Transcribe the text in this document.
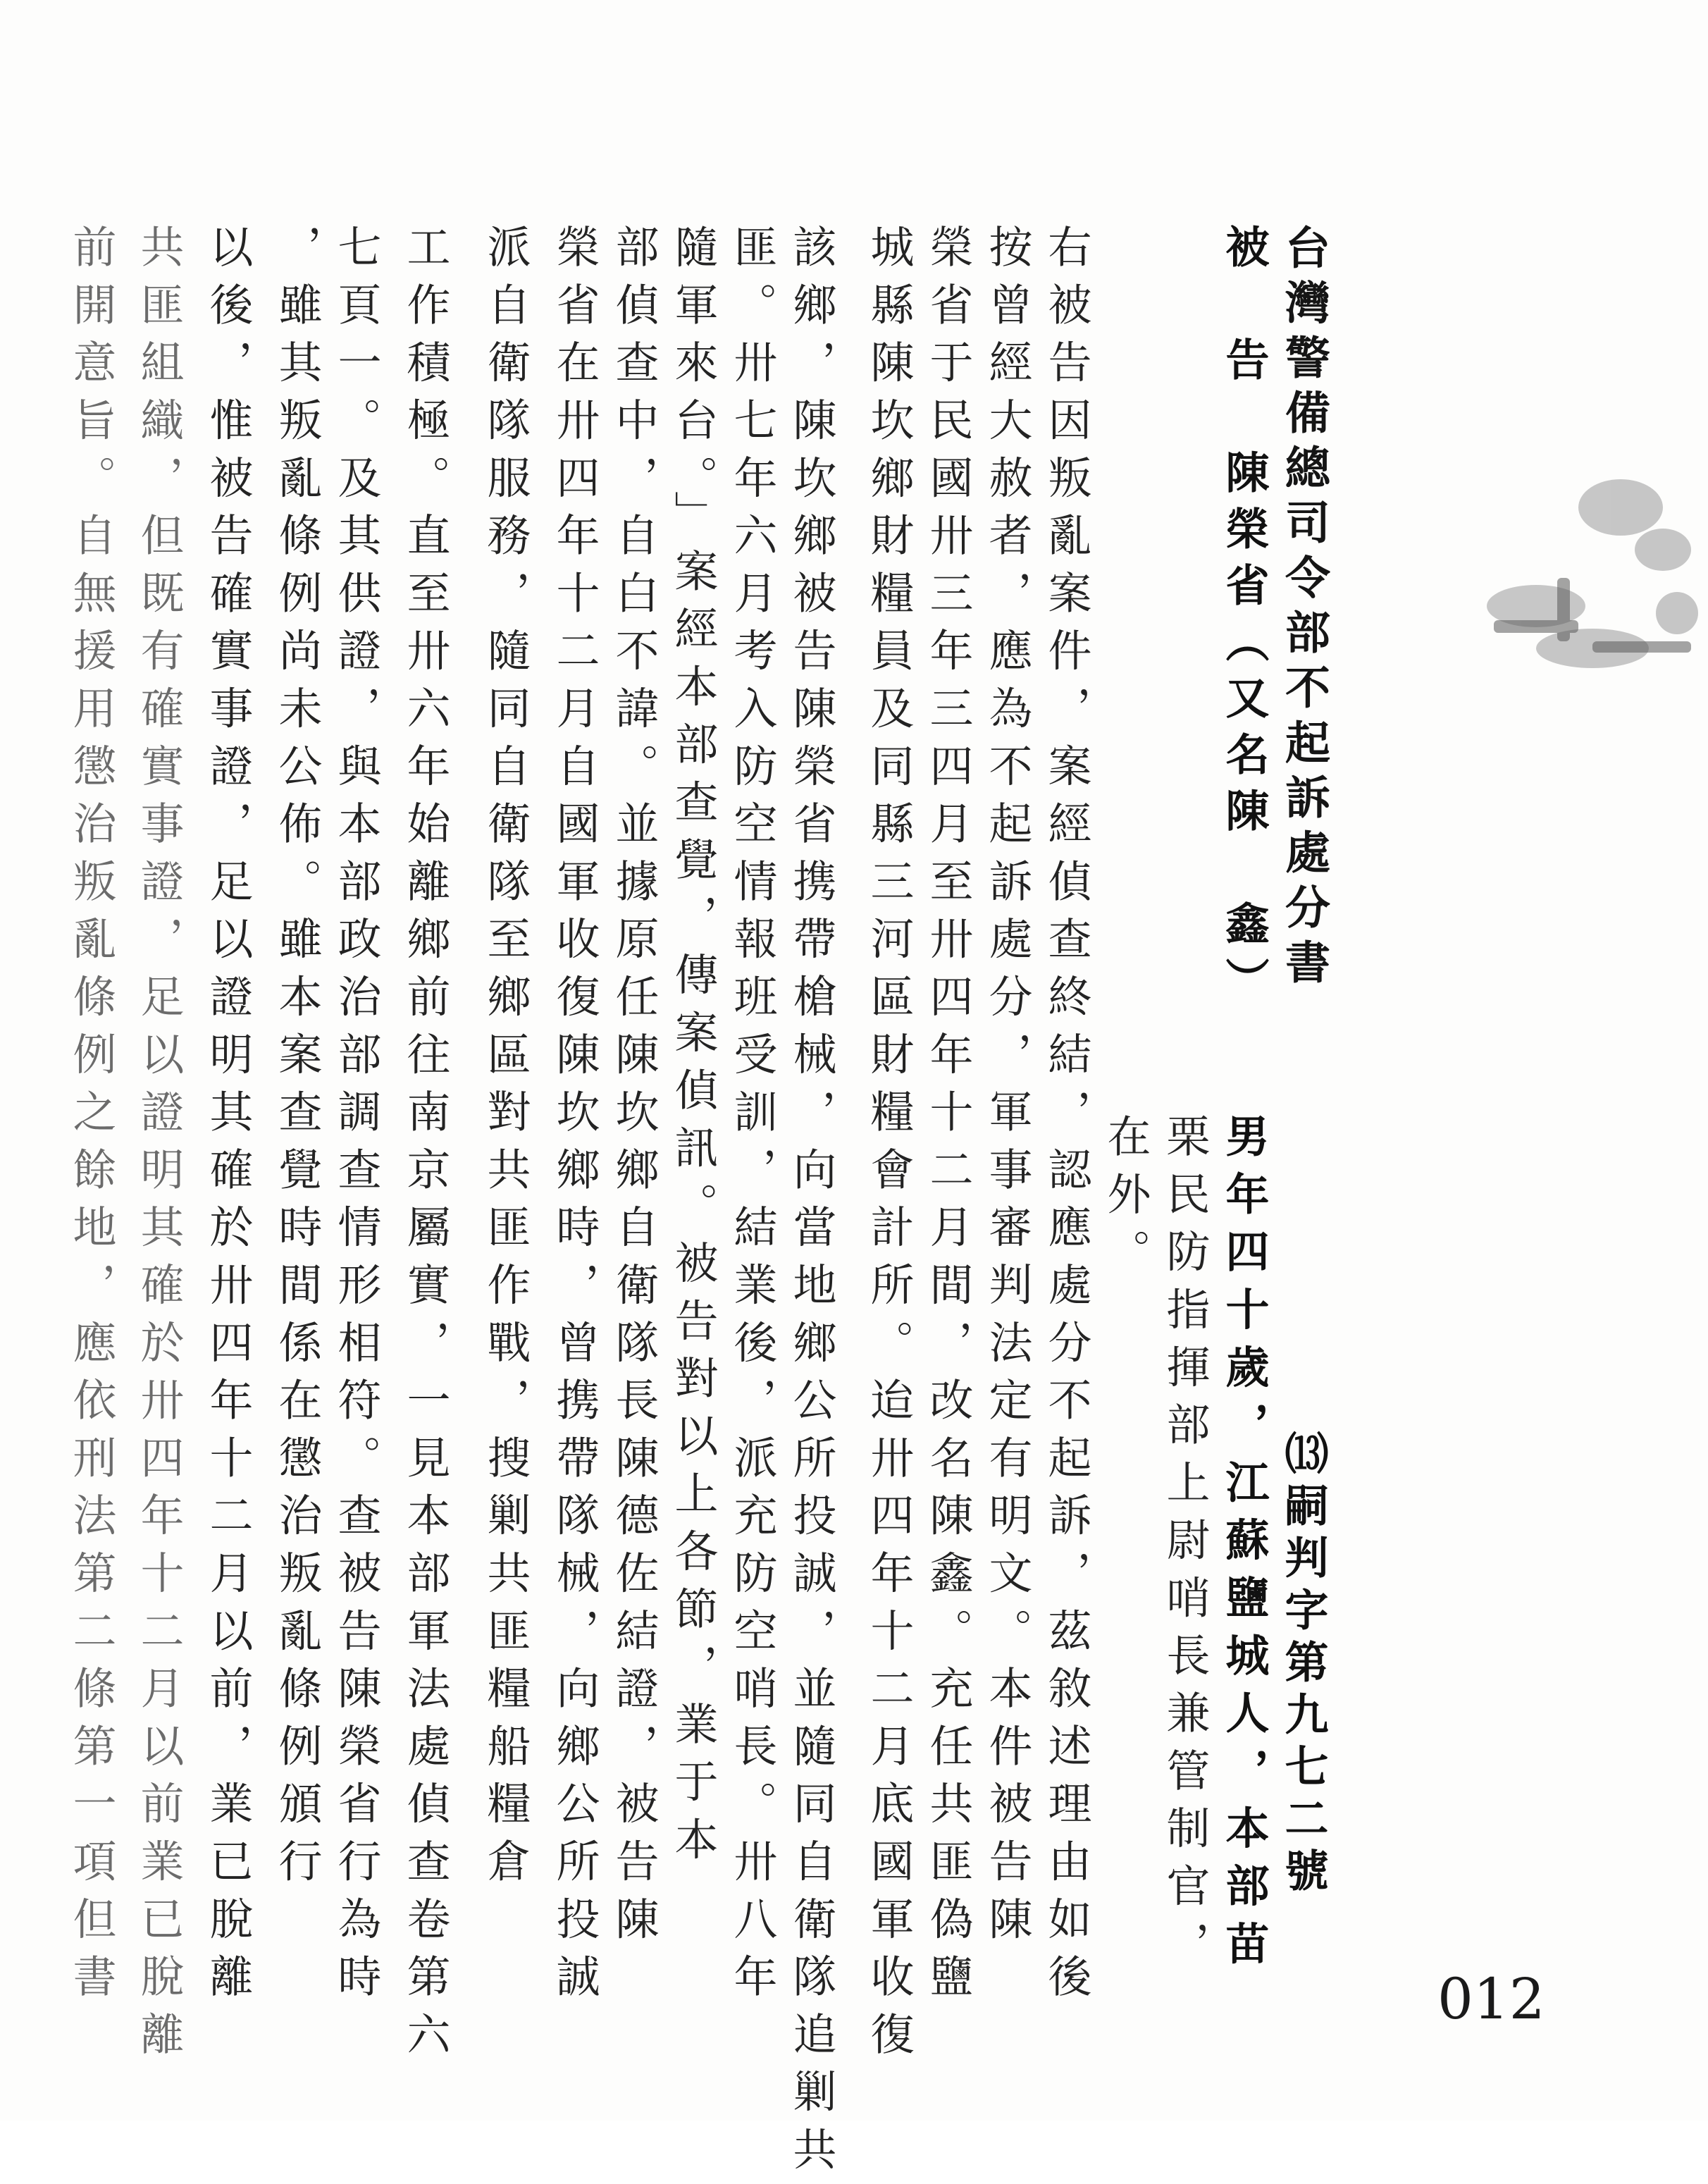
台灣警備總司令部不起訴處分書
被　告　陳榮省（又名陳　鑫）
⒀嗣判字第九七二號
男年四十歲，江蘇鹽城人，本部苗
栗民防指揮部上尉哨長兼管制官，
在外。
右被告因叛亂案件，案經偵查終結，認應處分不起訴，茲敘述理由如後
按曾經大赦者，應為不起訴處分，軍事審判法定有明文。本件被告陳
榮省于民國卅三年三四月至卅四年十二月間，改名陳鑫。充任共匪偽鹽
城縣陳坎鄉財糧員及同縣三河區財糧會計所。迨卅四年十二月底國軍收復
該鄉，陳坎鄉被告陳榮省携帶槍械，向當地鄉公所投誠，並隨同自衛隊追剿共
匪。卅七年六月考入防空情報班受訓，結業後，派充防空哨長。卅八年
隨軍來台。」案經本部查覺，傳案偵訊。被告對以上各節，業于本
部偵查中，自白不諱。並據原任陳坎鄉自衛隊長陳德佐結證，被告陳
榮省在卅四年十二月自國軍收復陳坎鄉時，曾携帶隊械，向鄉公所投誠
派自衛隊服務，隨同自衛隊至鄉區對共匪作戰，搜剿共匪糧船糧倉
工作積極。直至卅六年始離鄉前往南京屬實，一見本部軍法處偵查卷第六
七頁一。及其供證，與本部政治部調查情形相符。查被告陳榮省行為時
，雖其叛亂條例尚未公佈。雖本案查覺時間係在懲治叛亂條例頒行
以後，惟被告確實事證，足以證明其確於卅四年十二月以前，業已脫離
共匪組織，但既有確實事證，足以證明其確於卅四年十二月以前業已脫離
前開意旨。自無援用懲治叛亂條例之餘地，應依刑法第二條第一項但書	012
